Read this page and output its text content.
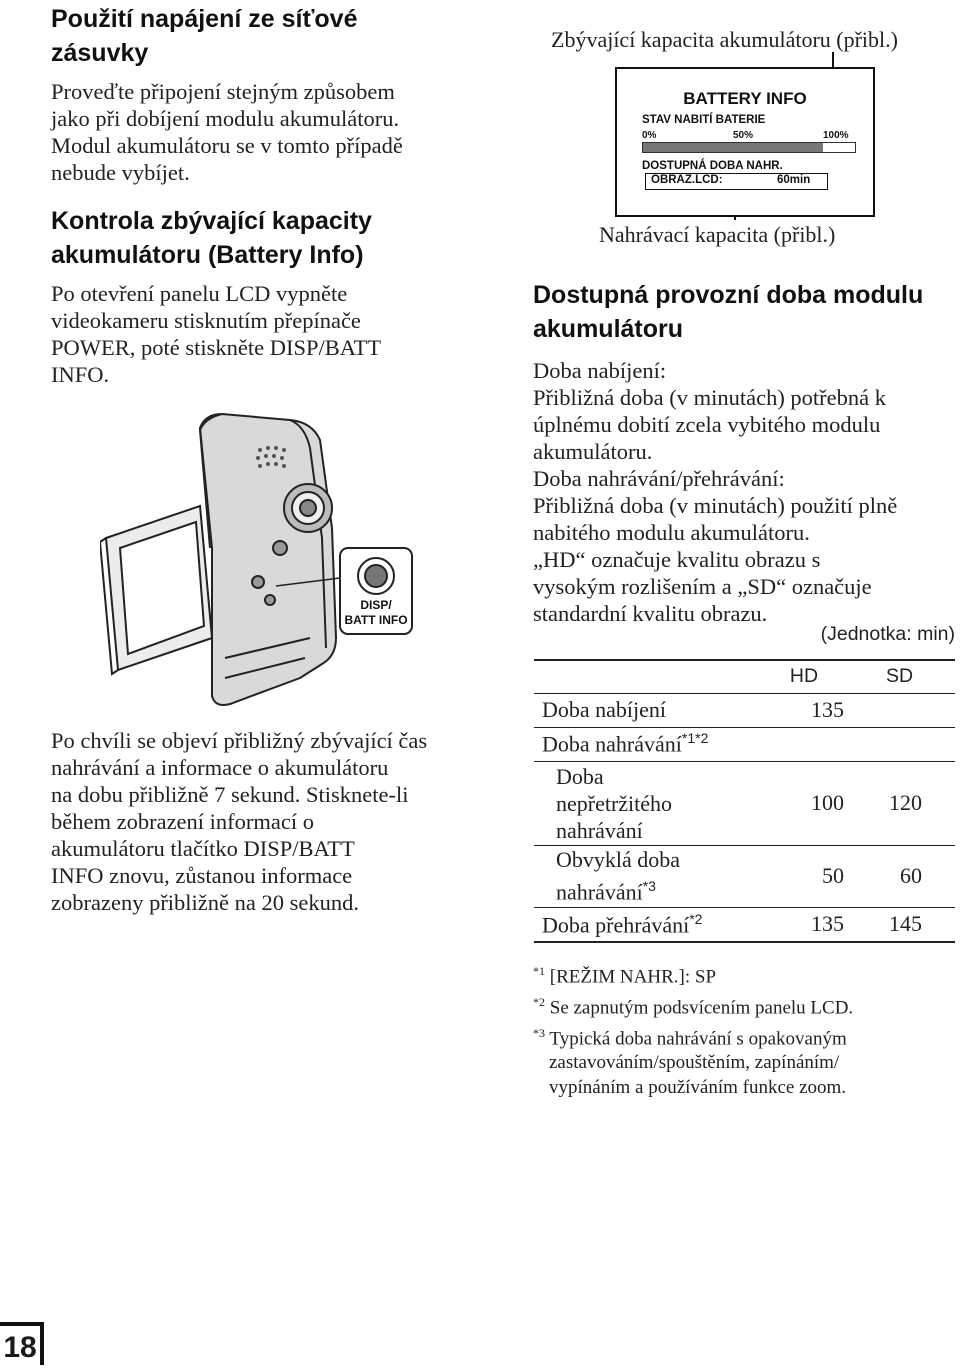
Použití napájení ze síťové
zásuvky

Proveďte připojení stejným způsobem

jako při dobíjení modulu akumulátoru.

Modul akumulátoru se v tomto případě

nebude vybíjet.

Kontrola zbývající kapacity
akumulátoru (Battery Info)

Po otevření panelu LCD vypněte

videokameru stisknutím přepínače

POWER, poté stiskněte DISP/BATT

INFO.

DISP/
BATT INFO

Po chvíli se objeví přibližný zbývající čas

nahrávání a informace o akumulátoru

na dobu přibližně 7 sekund. Stisknete-li

během zobrazení informací o

akumulátoru tlačítko DISP/BATT

INFO znovu, zůstanou informace

zobrazeny přibližně na 20 sekund.

Zbývající kapacita akumulátoru (přibl.)
BATTERY INFO
STAV NABITÍ BATERIE
0%	50%	100%
DOSTUPNÁ DOBA NAHR.
OBRAZ.LCD:	60min
Nahrávací kapacita (přibl.)
Dostupná provozní doba modulu
akumulátoru

Doba nabíjení:

Přibližná doba (v minutách) potřebná k

úplnému dobití zcela vybitého modulu

akumulátoru.

Doba nahrávání/přehrávání:

Přibližná doba (v minutách) použití plně

nabitého modulu akumulátoru.

„HD“ označuje kvalitu obrazu s

vysokým rozlišením a „SD“ označuje

standardní kvalitu obrazu.

(Jednotka: min)
	HD	SD
Doba nabíjení	135	
Doba nahrávání$^{*1*2}$		
Doba
nepřetržitého
nahrávání	100	120
Obvyklá doba
nahrávání$^{*3}$	50	60
Doba přehrávání$^{*2}$	135	145
$^{*1}$ [REŽIM NAHR.]: SP
$^{*2}$ Se zapnutým podsvícením panelu LCD.
$^{*3}$ Typická doba nahrávání s opakovaným
zastavováním/spouštěním, zapínáním/
vypínáním a používáním funkce zoom.
18
